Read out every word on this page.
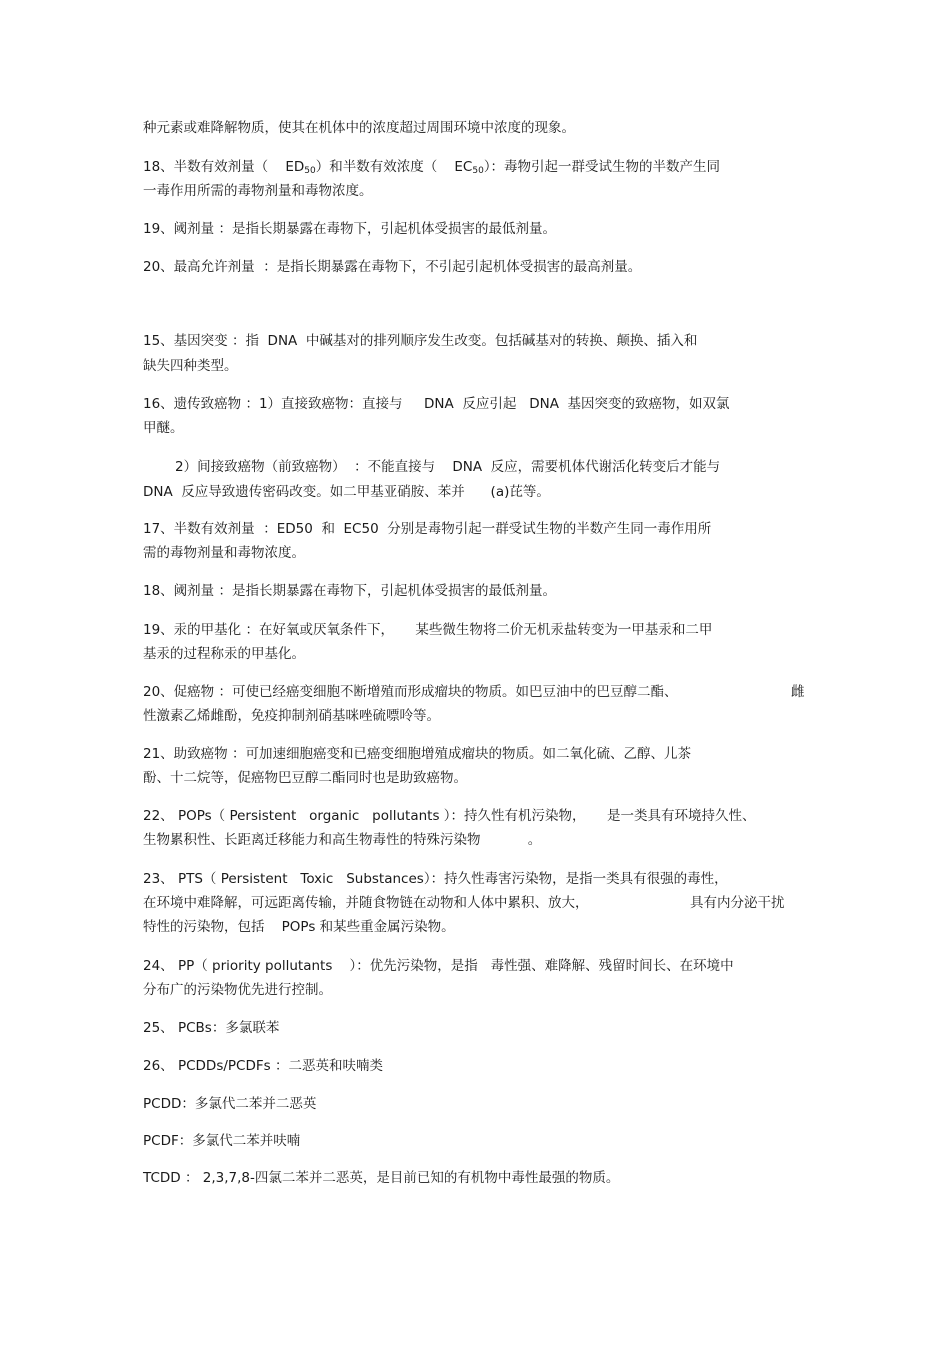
种元素或难降解物质，使其在机体中的浓度超过周围环境中浓度的现象。
18、半数有效剂量（    $ED_{50}$）和半数有效浓度（    $EC_{50}$）：毒物引起一群受试生物的半数产生同
一毒作用所需的毒物剂量和毒物浓度。
19、阈剂量 ：是指长期暴露在毒物下，引起机体受损害的最低剂量。
20、最高允许剂量  ：是指长期暴露在毒物下，不引起引起机体受损害的最高剂量。
15、基因突变 ：指  DNA  中碱基对的排列顺序发生改变。包括碱基对的转换、颠换、插入和
缺失四种类型。
16、遗传致癌物 ：1）直接致癌物：直接与     DNA  反应引起   DNA  基因突变的致癌物，如双氯
甲醚。
2）间接致癌物（前致癌物）  ：不能直接与    DNA  反应，需要机体代谢活化转变后才能与
DNA  反应导致遗传密码改变。如二甲基亚硝胺、苯并      (a)芘等。
17、半数有效剂量  ：ED50  和  EC50  分别是毒物引起一群受试生物的半数产生同一毒作用所
需的毒物剂量和毒物浓度。
18、阈剂量 ：是指长期暴露在毒物下，引起机体受损害的最低剂量。
19、汞的甲基化 ：在好氧或厌氧条件下，     某些微生物将二价无机汞盐转变为一甲基汞和二甲
基汞的过程称汞的甲基化。
20、促癌物 ：可使已经癌变细胞不断增殖而形成瘤块的物质。如巴豆油中的巴豆醇二酯、	雌
性激素乙烯雌酚，免疫抑制剂硝基咪唑硫嘌呤等。
21、助致癌物 ：可加速细胞癌变和已癌变细胞增殖成瘤块的物质。如二氧化硫、乙醇、儿茶
酚、十二烷等，促癌物巴豆醇二酯同时也是助致癌物。
22、 POPs（ Persistent   organic   pollutants ）：持久性有机污染物，     是一类具有环境持久性、
生物累积性、长距离迁移能力和高生物毒性的特殊污染物           。
23、 PTS（ Persistent   Toxic   Substances）：持久性毒害污染物，是指一类具有很强的毒性，
在环境中难降解，可远距离传输，并随食物链在动物和人体中累积、放大，	具有内分泌干扰
特性的污染物，包括    POPs 和某些重金属污染物。
24、 PP（ priority pollutants    ）：优先污染物，是指   毒性强、难降解、残留时间长、在环境中
分布广的污染物优先进行控制。
25、 PCBs：多氯联苯
26、 PCDDs/PCDFs ：二恶英和呋喃类
PCDD：多氯代二苯并二恶英
PCDF：多氯代二苯并呋喃
TCDD ： 2,3,7,8-四氯二苯并二恶英，是目前已知的有机物中毒性最强的物质。
